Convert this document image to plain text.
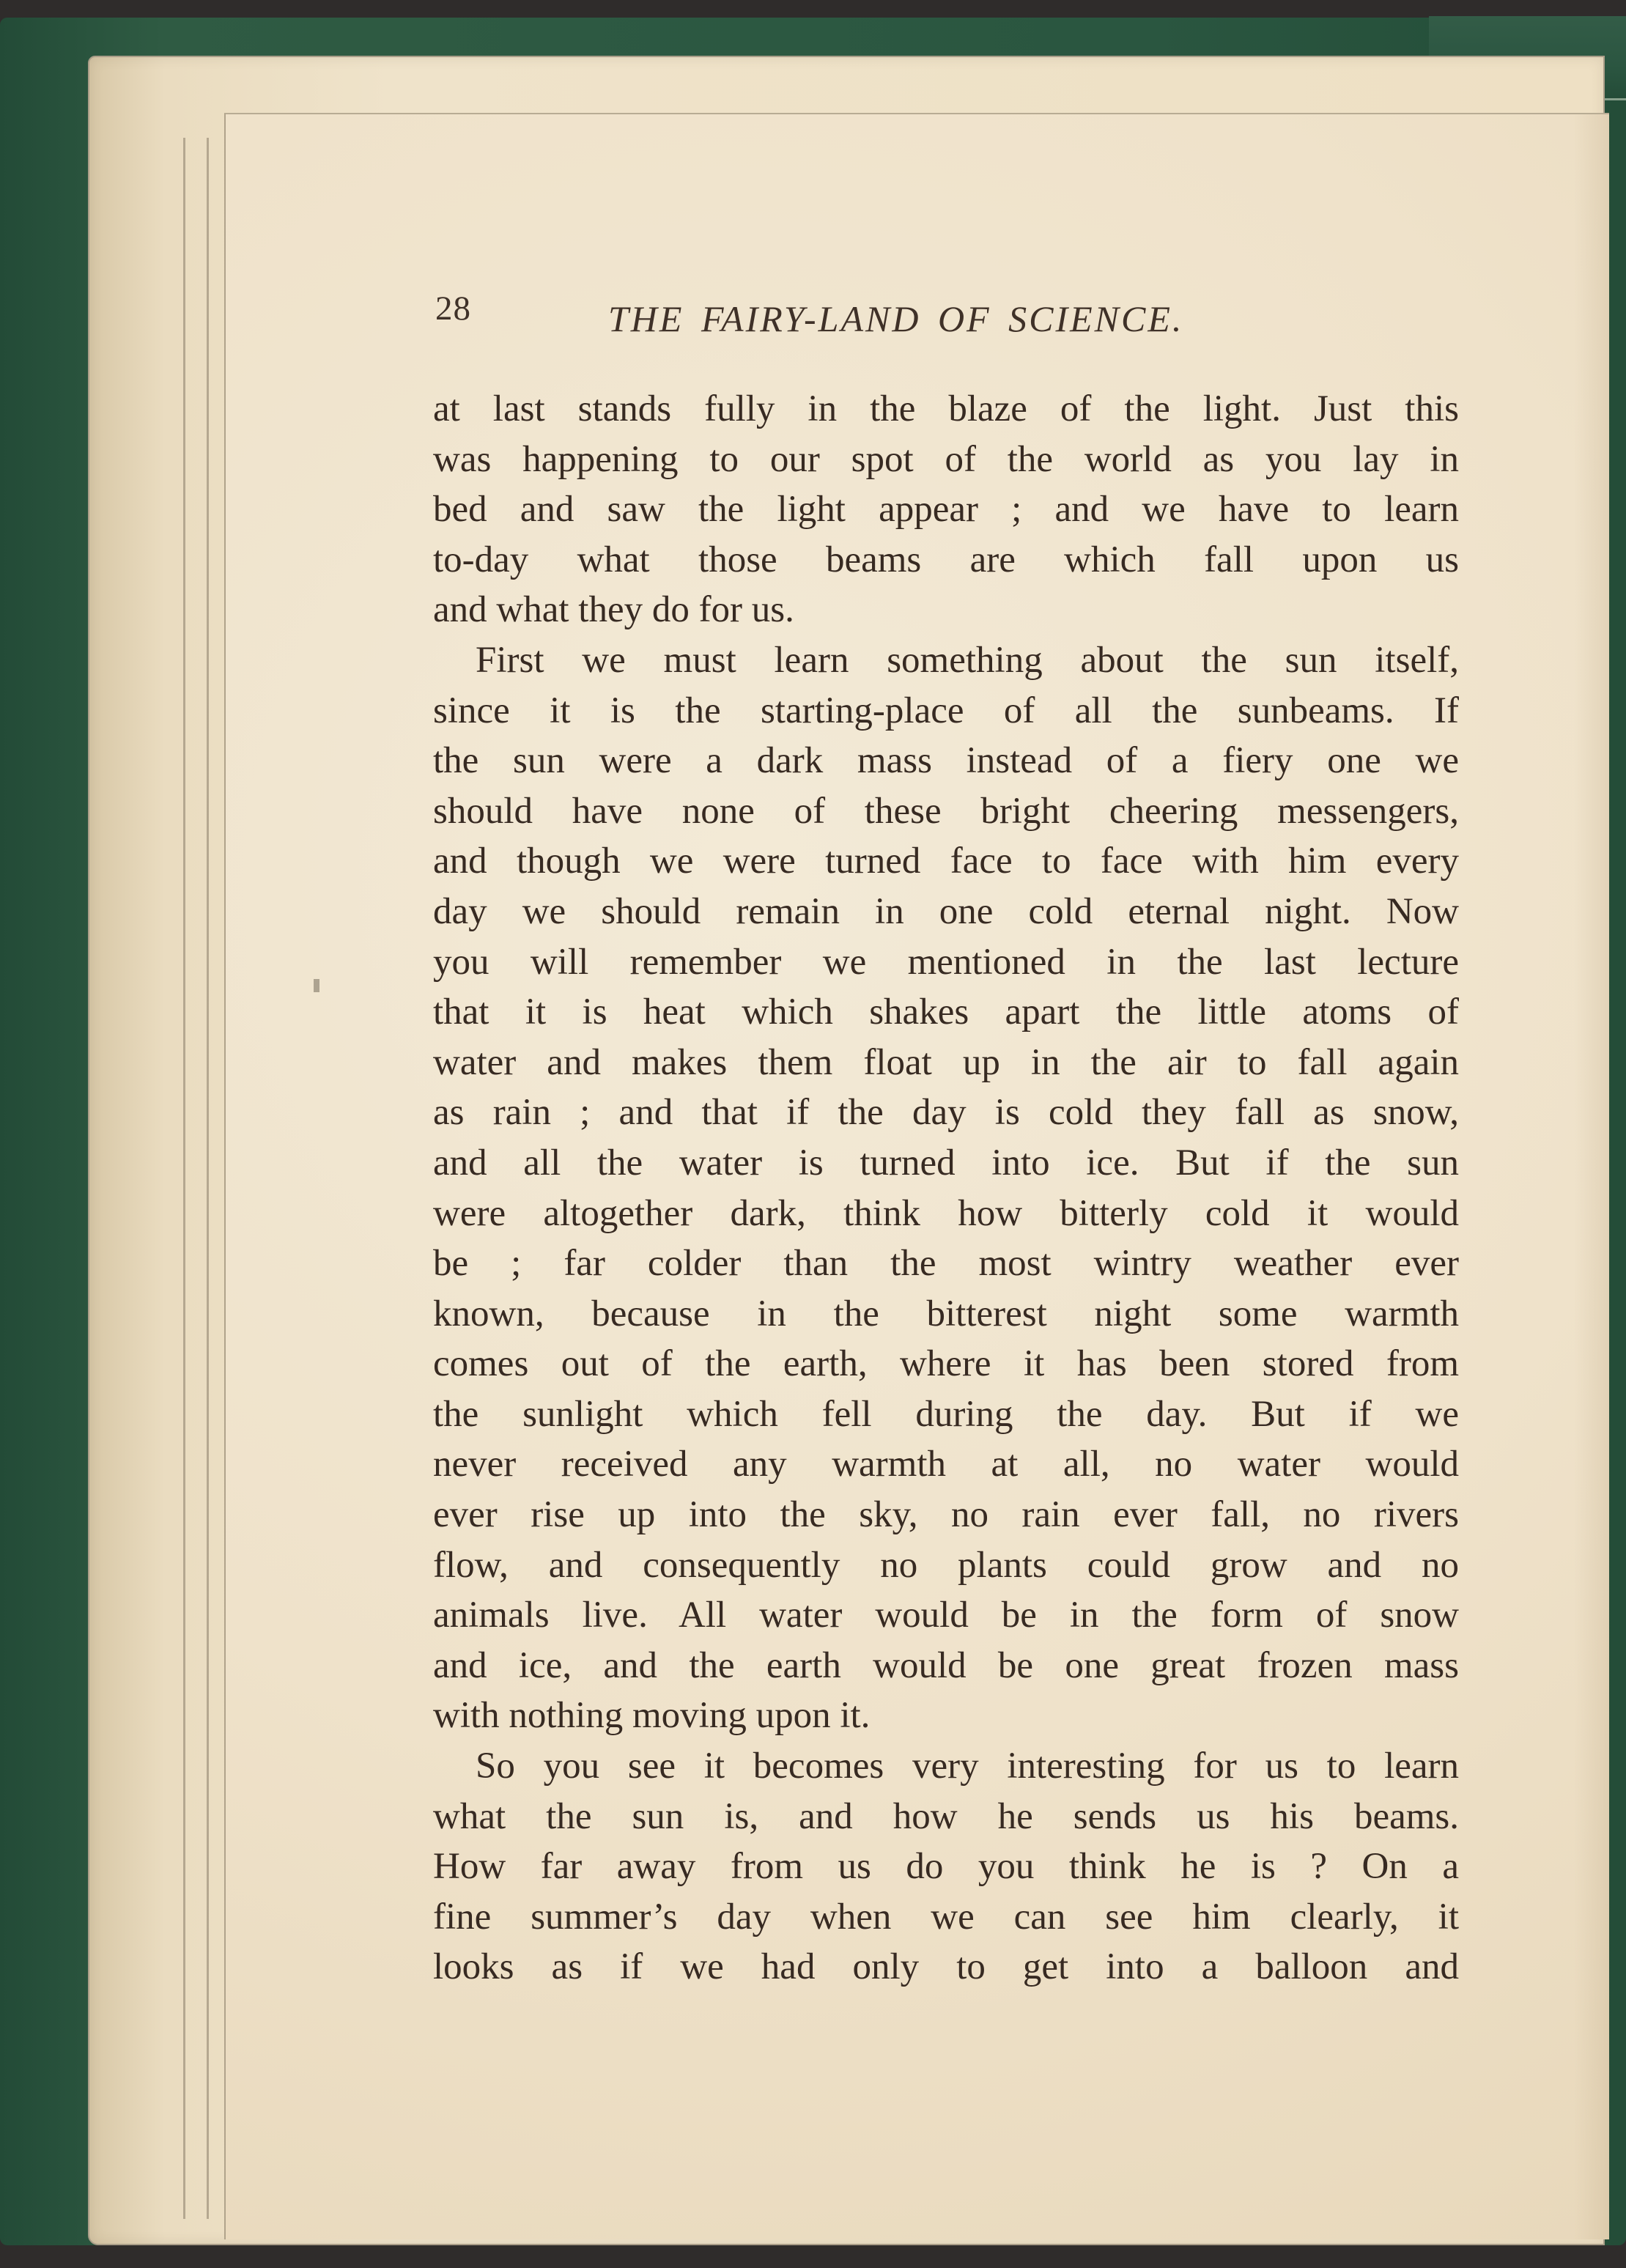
28	THE FAIRY-LAND OF SCIENCE.
at last stands fully in the blaze of the light. Just this
was happening to our spot of the world as you lay in
bed and saw the light appear ; and we have to learn
to-day what those beams are which fall upon us
and what they do for us.
First we must learn something about the sun itself,
since it is the starting-place of all the sunbeams. If
the sun were a dark mass instead of a fiery one we
should have none of these bright cheering messengers,
and though we were turned face to face with him every
day we should remain in one cold eternal night. Now
you will remember we mentioned in the last lecture
that it is heat which shakes apart the little atoms of
water and makes them float up in the air to fall again
as rain ; and that if the day is cold they fall as snow,
and all the water is turned into ice. But if the sun
were altogether dark, think how bitterly cold it would
be ; far colder than the most wintry weather ever
known, because in the bitterest night some warmth
comes out of the earth, where it has been stored from
the sunlight which fell during the day. But if we
never received any warmth at all, no water would
ever rise up into the sky, no rain ever fall, no rivers
flow, and consequently no plants could grow and no
animals live. All water would be in the form of snow
and ice, and the earth would be one great frozen mass
with nothing moving upon it.
So you see it becomes very interesting for us to learn
what the sun is, and how he sends us his beams.
How far away from us do you think he is ? On a
fine summer’s day when we can see him clearly, it
looks as if we had only to get into a balloon and
